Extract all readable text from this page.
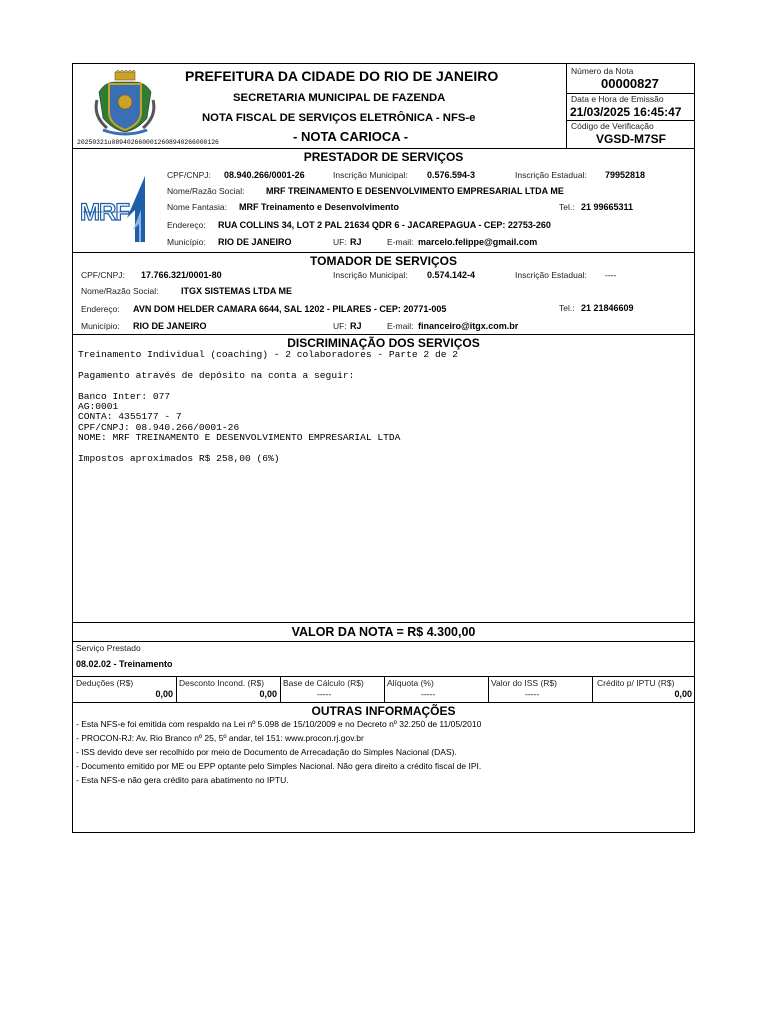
20250321u0894026600012608940266000126
PREFEITURA DA CIDADE DO RIO DE JANEIRO
SECRETARIA MUNICIPAL DE FAZENDA
NOTA FISCAL DE SERVIÇOS ELETRÔNICA - NFS-e
- NOTA CARIOCA -
Número da Nota
00000827
Data e Hora de Emissão
21/03/2025 16:45:47
Código de Verificação
VGSD-M7SF
PRESTADOR DE SERVIÇOS
MRF
CPF/CNPJ: 08.940.266/0001-26	Inscrição Municipal: 0.576.594-3	Inscrição Estadual: 79952818
Nome/Razão Social: MRF TREINAMENTO E DESENVOLVIMENTO EMPRESARIAL LTDA ME
Nome Fantasia: MRF Treinamento e Desenvolvimento	Tel.: 21 99665311
Endereço: RUA COLLINS 34, LOT 2 PAL 21634 QDR 6 - JACAREPAGUA - CEP: 22753-260
Município: RIO DE JANEIRO	UF: RJ	E-mail: marcelo.felippe@gmail.com
TOMADOR DE SERVIÇOS
CPF/CNPJ: 17.766.321/0001-80	Inscrição Municipal: 0.574.142-4	Inscrição Estadual: ----
Nome/Razão Social:	ITGX SISTEMAS LTDA ME
Endereço: AVN DOM HELDER CAMARA 6644, SAL 1202 - PILARES - CEP: 20771-005	Tel.: 21 21846609
Município: RIO DE JANEIRO	UF: RJ	E-mail: financeiro@itgx.com.br
DISCRIMINAÇÃO DOS SERVIÇOS
Treinamento Individual (coaching) - 2 colaboradores - Parte 2 de 2

Pagamento através de depósito na conta a seguir:

Banco Inter: 077
AG:0001
CONTA: 4355177 - 7
CPF/CNPJ: 08.940.266/0001-26
NOME: MRF TREINAMENTO E DESENVOLVIMENTO EMPRESARIAL LTDA

Impostos aproximados R$ 258,00 (6%)
VALOR DA NOTA = R$ 4.300,00
Serviço Prestado
08.02.02 - Treinamento
Deduções (R$)
0,00
Desconto Incond. (R$)
0,00
Base de Cálculo (R$)
-----
Alíquota (%)
-----
Valor do ISS (R$)
-----
Crédito p/ IPTU (R$)
0,00
OUTRAS INFORMAÇÕES
- Esta NFS-e foi emitida com respaldo na Lei nº 5.098 de 15/10/2009 e no Decreto nº 32.250 de 11/05/2010
- PROCON-RJ: Av. Rio Branco nº 25, 5º andar, tel 151: www.procon.rj.gov.br
- ISS devido deve ser recolhido por meio de Documento de Arrecadação do Simples Nacional (DAS).
- Documento emitido por ME ou EPP optante pelo Simples Nacional. Não gera direito a crédito fiscal de IPI.
- Esta NFS-e não gera crédito para abatimento no IPTU.
